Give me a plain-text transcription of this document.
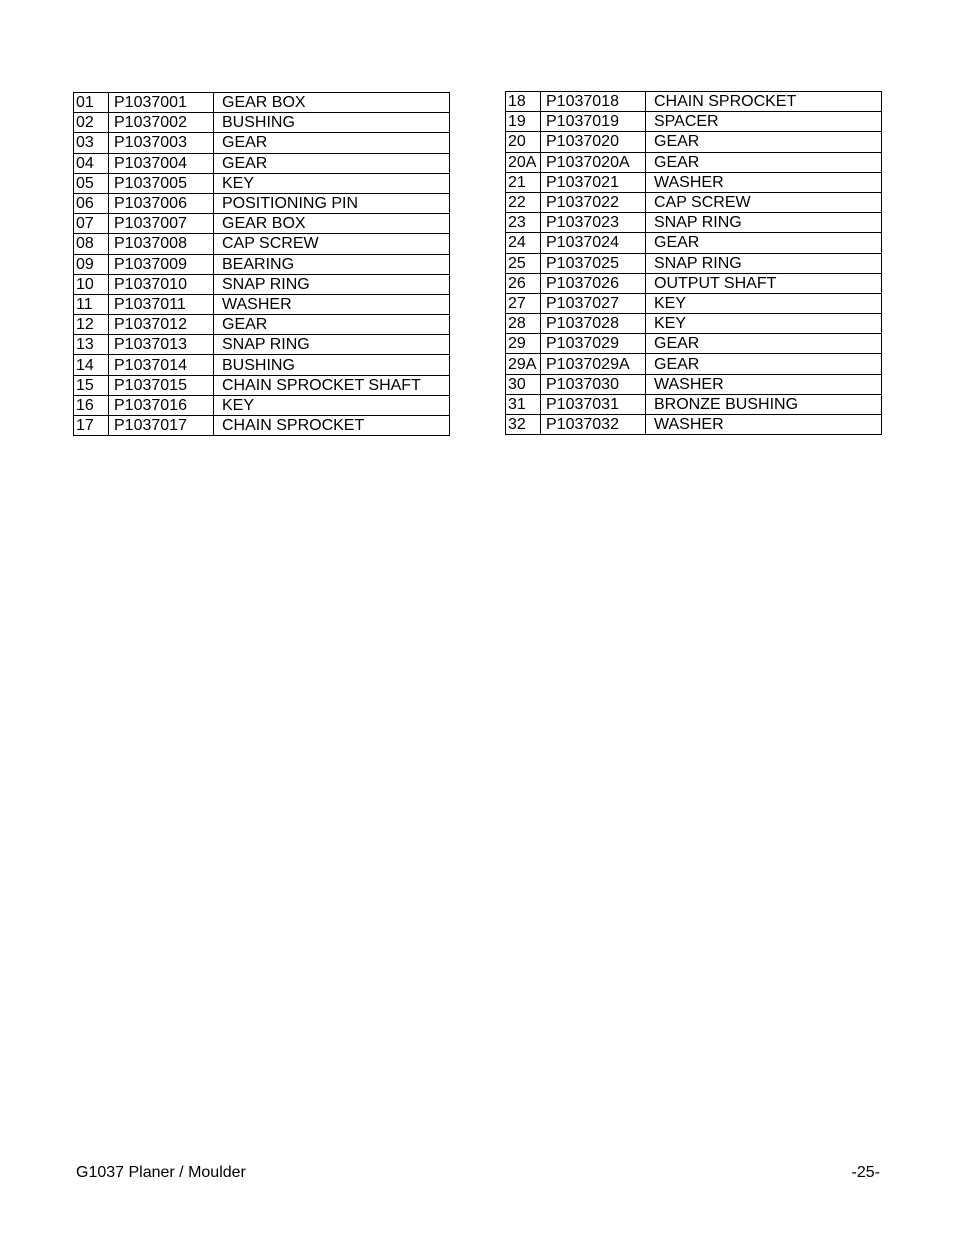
01	P1037001	GEAR BOX
02	P1037002	BUSHING
03	P1037003	GEAR
04	P1037004	GEAR
05	P1037005	KEY
06	P1037006	POSITIONING PIN
07	P1037007	GEAR BOX
08	P1037008	CAP SCREW
09	P1037009	BEARING
10	P1037010	SNAP RING
11	P1037011	WASHER
12	P1037012	GEAR
13	P1037013	SNAP RING
14	P1037014	BUSHING
15	P1037015	CHAIN SPROCKET SHAFT
16	P1037016	KEY
17	P1037017	CHAIN SPROCKET
18	P1037018	CHAIN SPROCKET
19	P1037019	SPACER
20	P1037020	GEAR
20A	P1037020A	GEAR
21	P1037021	WASHER
22	P1037022	CAP SCREW
23	P1037023	SNAP RING
24	P1037024	GEAR
25	P1037025	SNAP RING
26	P1037026	OUTPUT SHAFT
27	P1037027	KEY
28	P1037028	KEY
29	P1037029	GEAR
29A	P1037029A	GEAR
30	P1037030	WASHER
31	P1037031	BRONZE BUSHING
32	P1037032	WASHER
G1037 Planer / Moulder	-25-
